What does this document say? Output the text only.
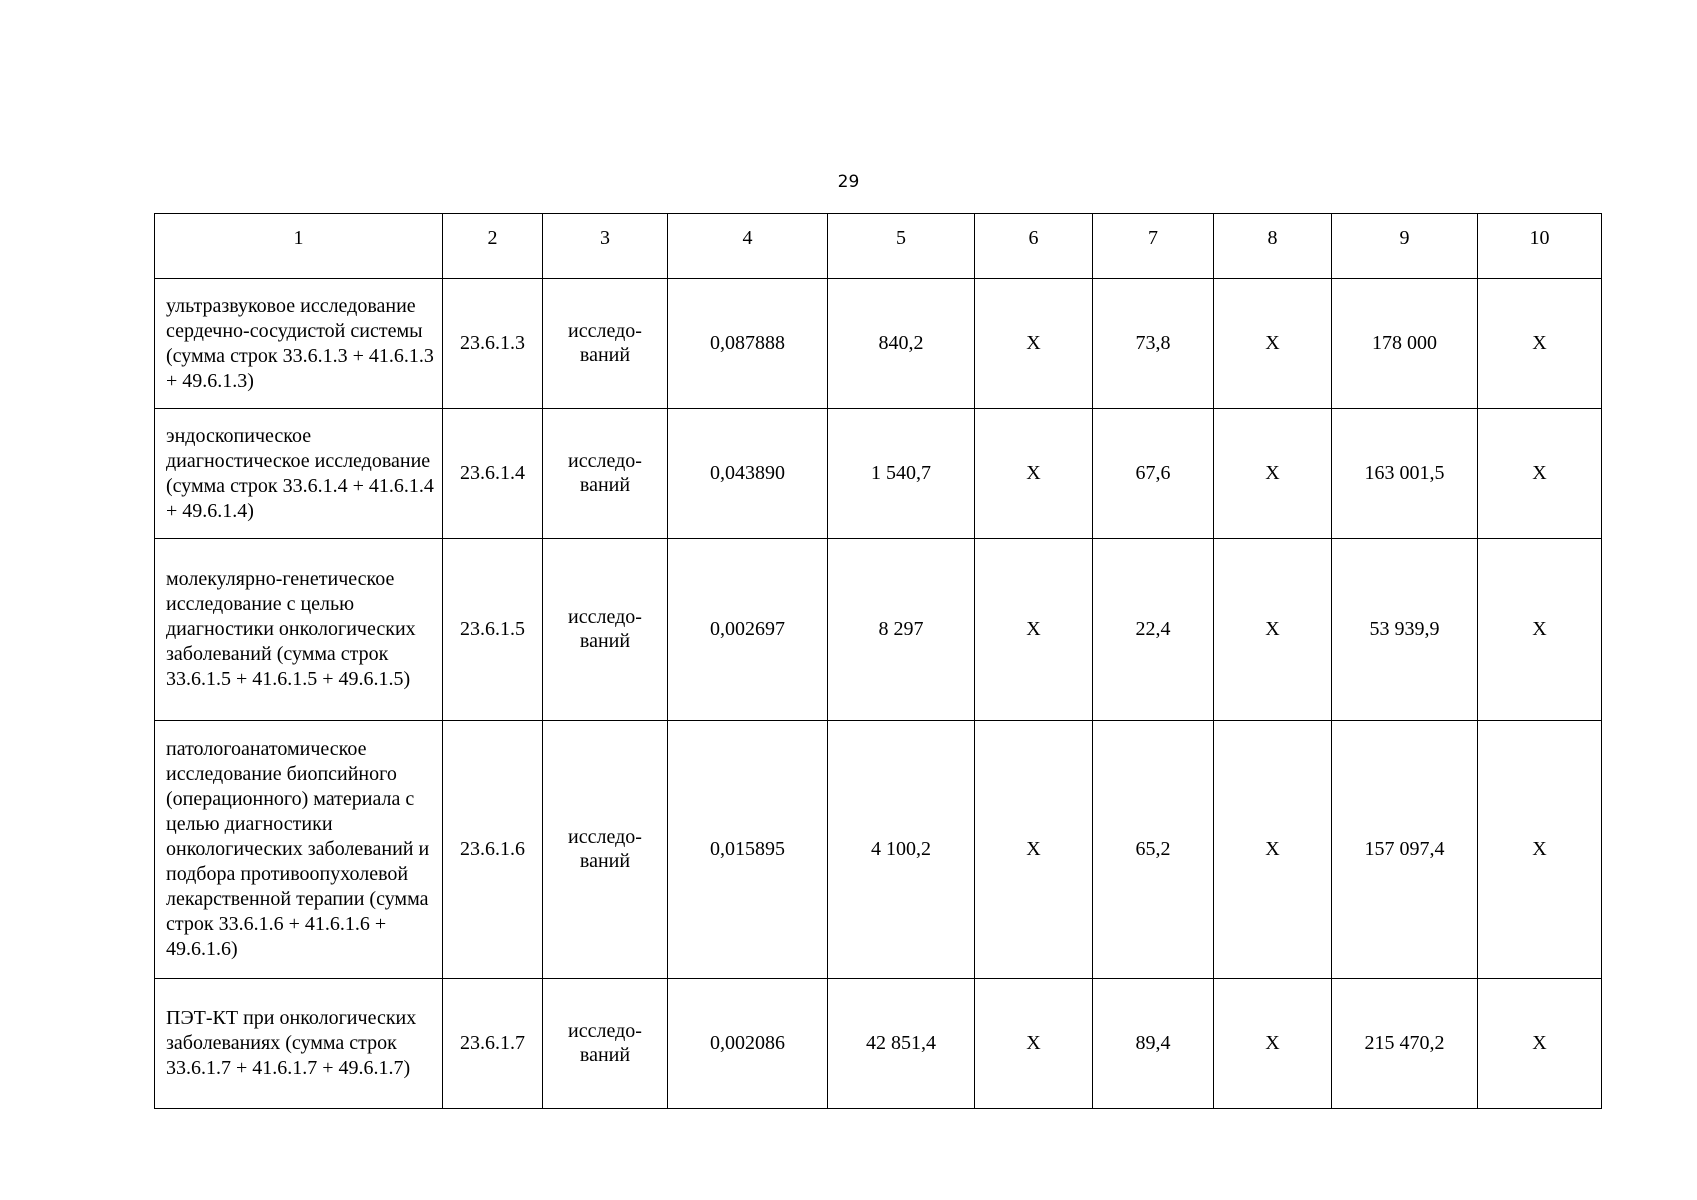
29
1	2	3	4	5	6	7	8	9	10
ультразвуковое исследование сердечно-сосудистой системы (сумма строк 33.6.1.3 + 41.6.1.3 + 49.6.1.3)	23.6.1.3	исследо-
ваний	0,087888	840,2	Х	73,8	Х	178 000	Х
эндоскопическое диагностическое исследование (сумма строк 33.6.1.4 + 41.6.1.4 + 49.6.1.4)	23.6.1.4	исследо-
ваний	0,043890	1 540,7	Х	67,6	Х	163 001,5	Х
молекулярно-генетическое исследование с целью диагностики онкологических заболеваний (сумма строк 33.6.1.5 + 41.6.1.5 + 49.6.1.5)	23.6.1.5	исследо-
ваний	0,002697	8 297	Х	22,4	Х	53 939,9	Х
патологоанатомическое исследование биопсийного (операционного) материала с целью диагностики онкологических заболеваний и подбора противоопухолевой лекарственной терапии (сумма строк 33.6.1.6 + 41.6.1.6 + 49.6.1.6)	23.6.1.6	исследо-
ваний	0,015895	4 100,2	Х	65,2	Х	157 097,4	Х
ПЭТ-КТ при онкологических заболеваниях (сумма строк 33.6.1.7 + 41.6.1.7 + 49.6.1.7)	23.6.1.7	исследо-
ваний	0,002086	42 851,4	Х	89,4	Х	215 470,2	Х
